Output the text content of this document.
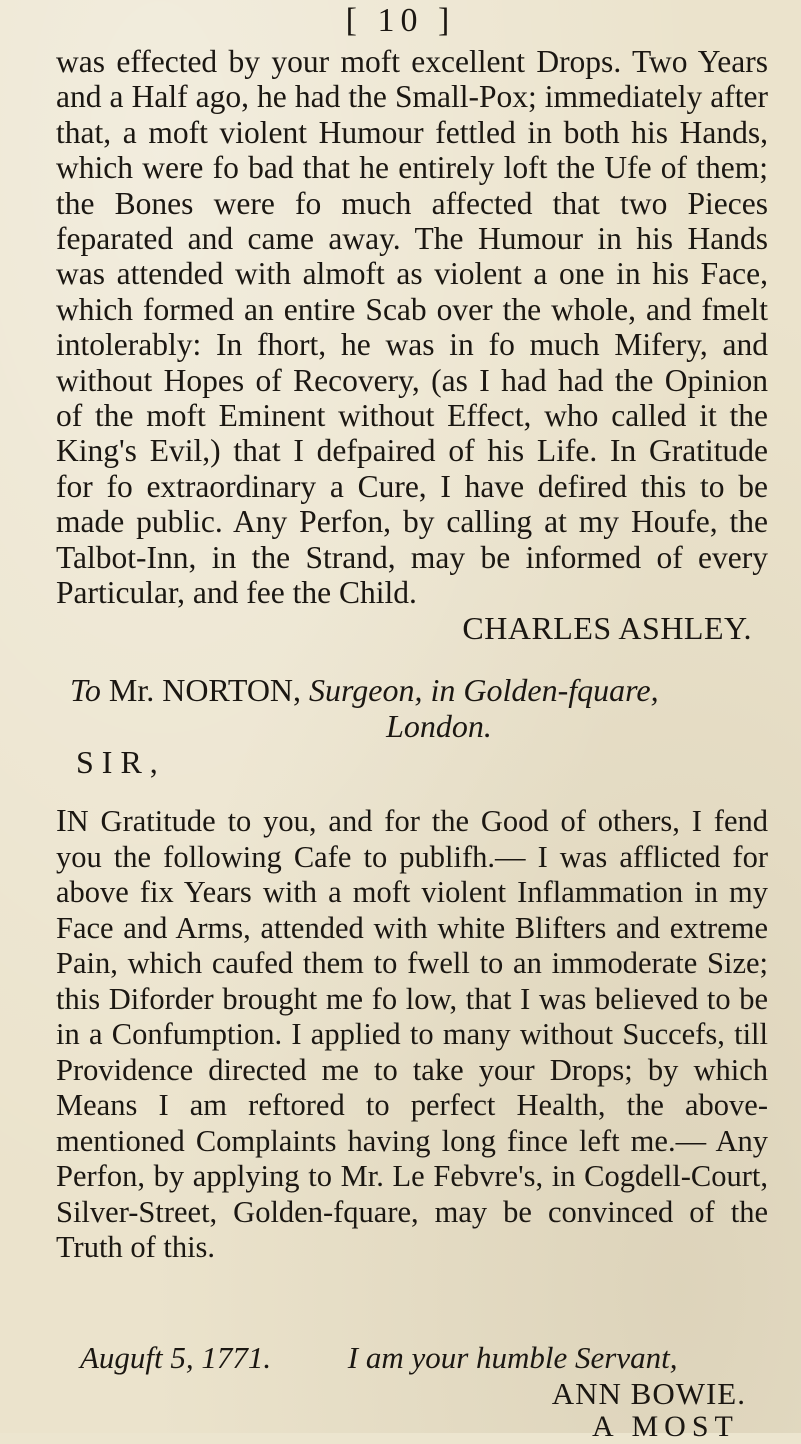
[ 10 ]

was effected by your moft excellent Drops. Two Years and a Half ago, he had the Small-Pox; immediately after that, a moft violent Humour fettled in both his Hands, which were fo bad that he entirely loft the Ufe of them; the Bones were fo much affected that two Pieces feparated and came away. The Humour in his Hands was attended with almoft as violent a one in his Face, which formed an entire Scab over the whole, and fmelt intolerably: In fhort, he was in fo much Mifery, and without Hopes of Recovery, (as I had had the Opinion of the moft Eminent without Effect, who called it the King's Evil,) that I defpaired of his Life. In Gratitude for fo extraordinary a Cure, I have defired this to be made public. Any Perfon, by calling at my Houfe, the Talbot-Inn, in the Strand, may be informed of every Particular, and fee the Child.

CHARLES ASHLEY.
To Mr. NORTON, Surgeon, in Golden-fquare,
London.
SIR,

IN Gratitude to you, and for the Good of others, I fend you the following Cafe to publifh.— I was afflicted for above fix Years with a moft violent Inflammation in my Face and Arms, attended with white Blifters and extreme Pain, which caufed them to fwell to an immoderate Size; this Diforder brought me fo low, that I was believed to be in a Confumption. I applied to many without Succefs, till Providence directed me to take your Drops; by which Means I am reftored to perfect Health, the above-mentioned Complaints having long fince left me.— Any Perfon, by applying to Mr. Le Febvre's, in Cogdell-Court, Silver-Street, Golden-fquare, may be convinced of the Truth of this.

Auguft 5, 1771. I am your humble Servant,
ANN BOWIE.
A MOST
